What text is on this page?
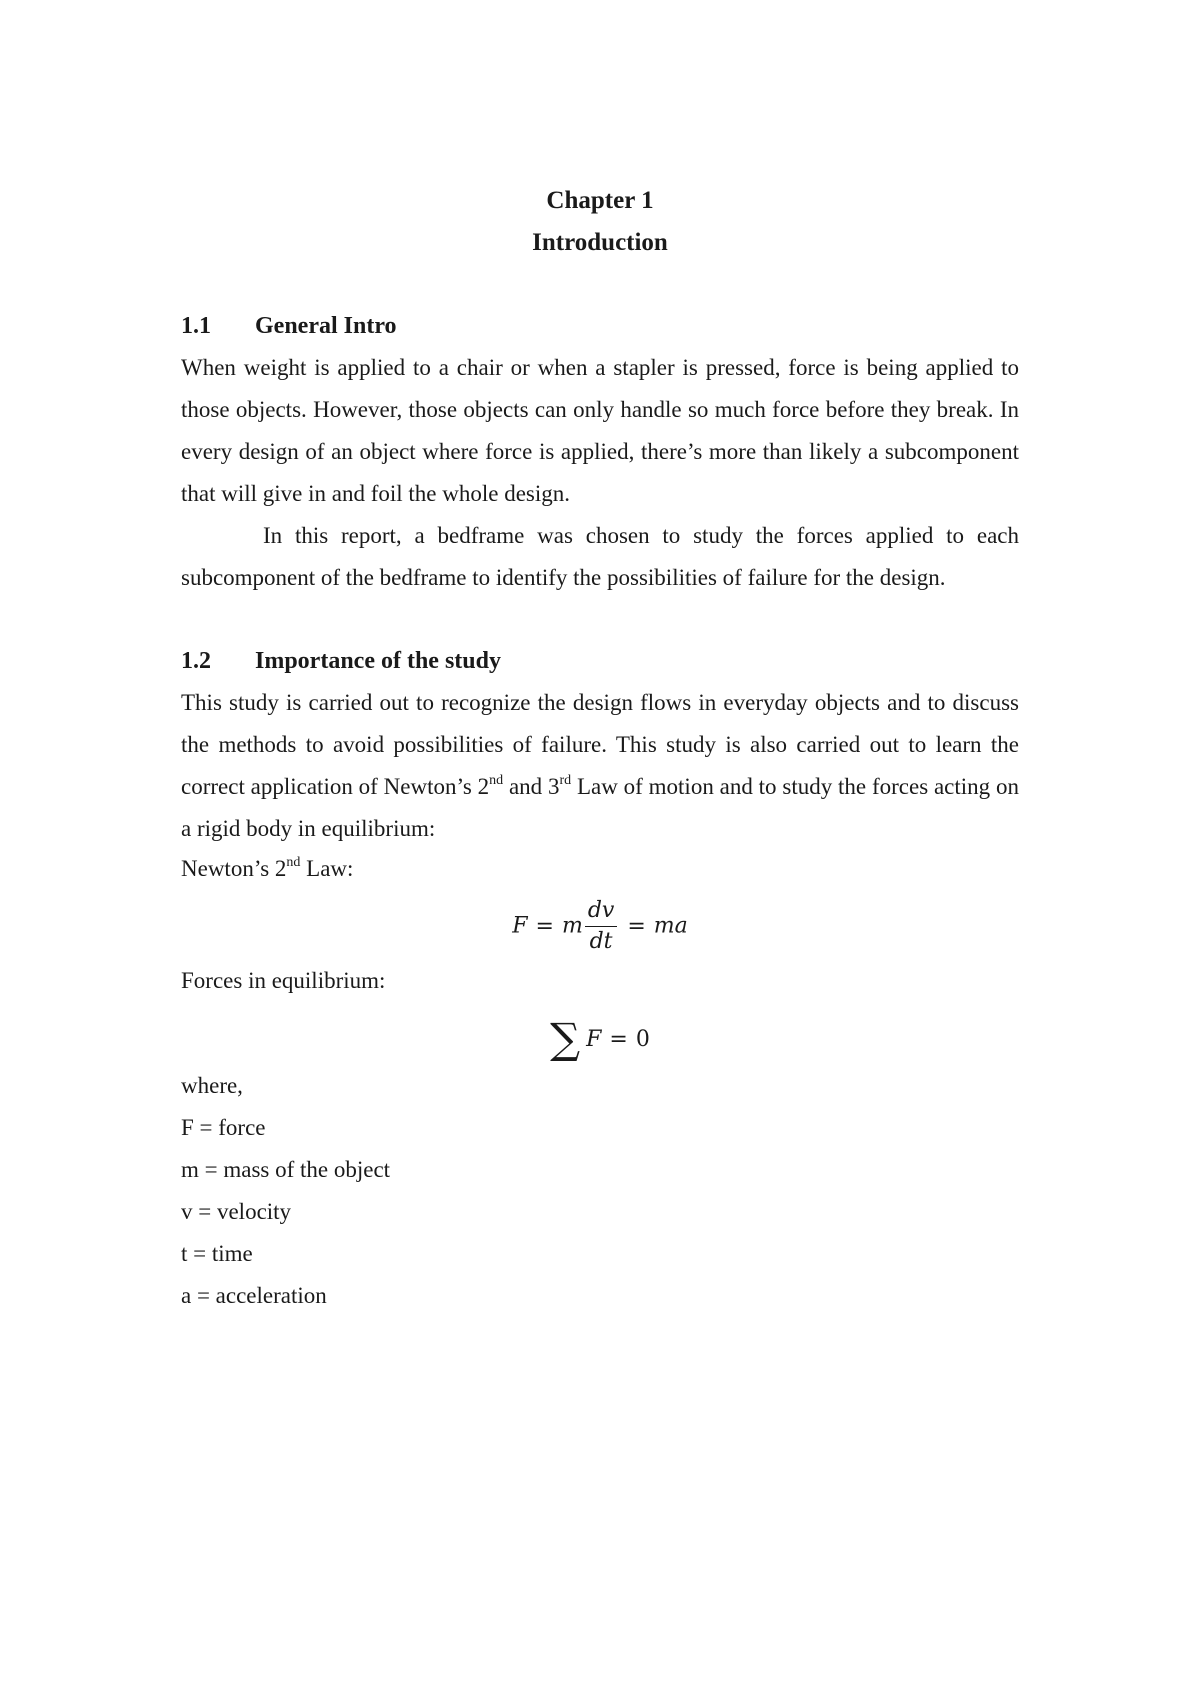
Chapter 1

Introduction

1.1 General Intro

When weight is applied to a chair or when a stapler is pressed, force is being applied to those objects. However, those objects can only handle so much force before they break. In every design of an object where force is applied, there’s more than likely a subcomponent that will give in and foil the whole design.

In this report, a bedframe was chosen to study the forces applied to each subcomponent of the bedframe to identify the possibilities of failure for the design.

1.2 Importance of the study

This study is carried out to recognize the design flows in everyday objects and to discuss the methods to avoid possibilities of failure. This study is also carried out to learn the correct application of Newton’s 2nd and 3rd Law of motion and to study the forces acting on a rigid body in equilibrium:

Newton’s 2nd Law:

F = m $\frac{dv}{dt}$ = ma

Forces in equilibrium:

∑ F = 0

where,

F = force

m = mass of the object

v = velocity

t = time

a = acceleration
